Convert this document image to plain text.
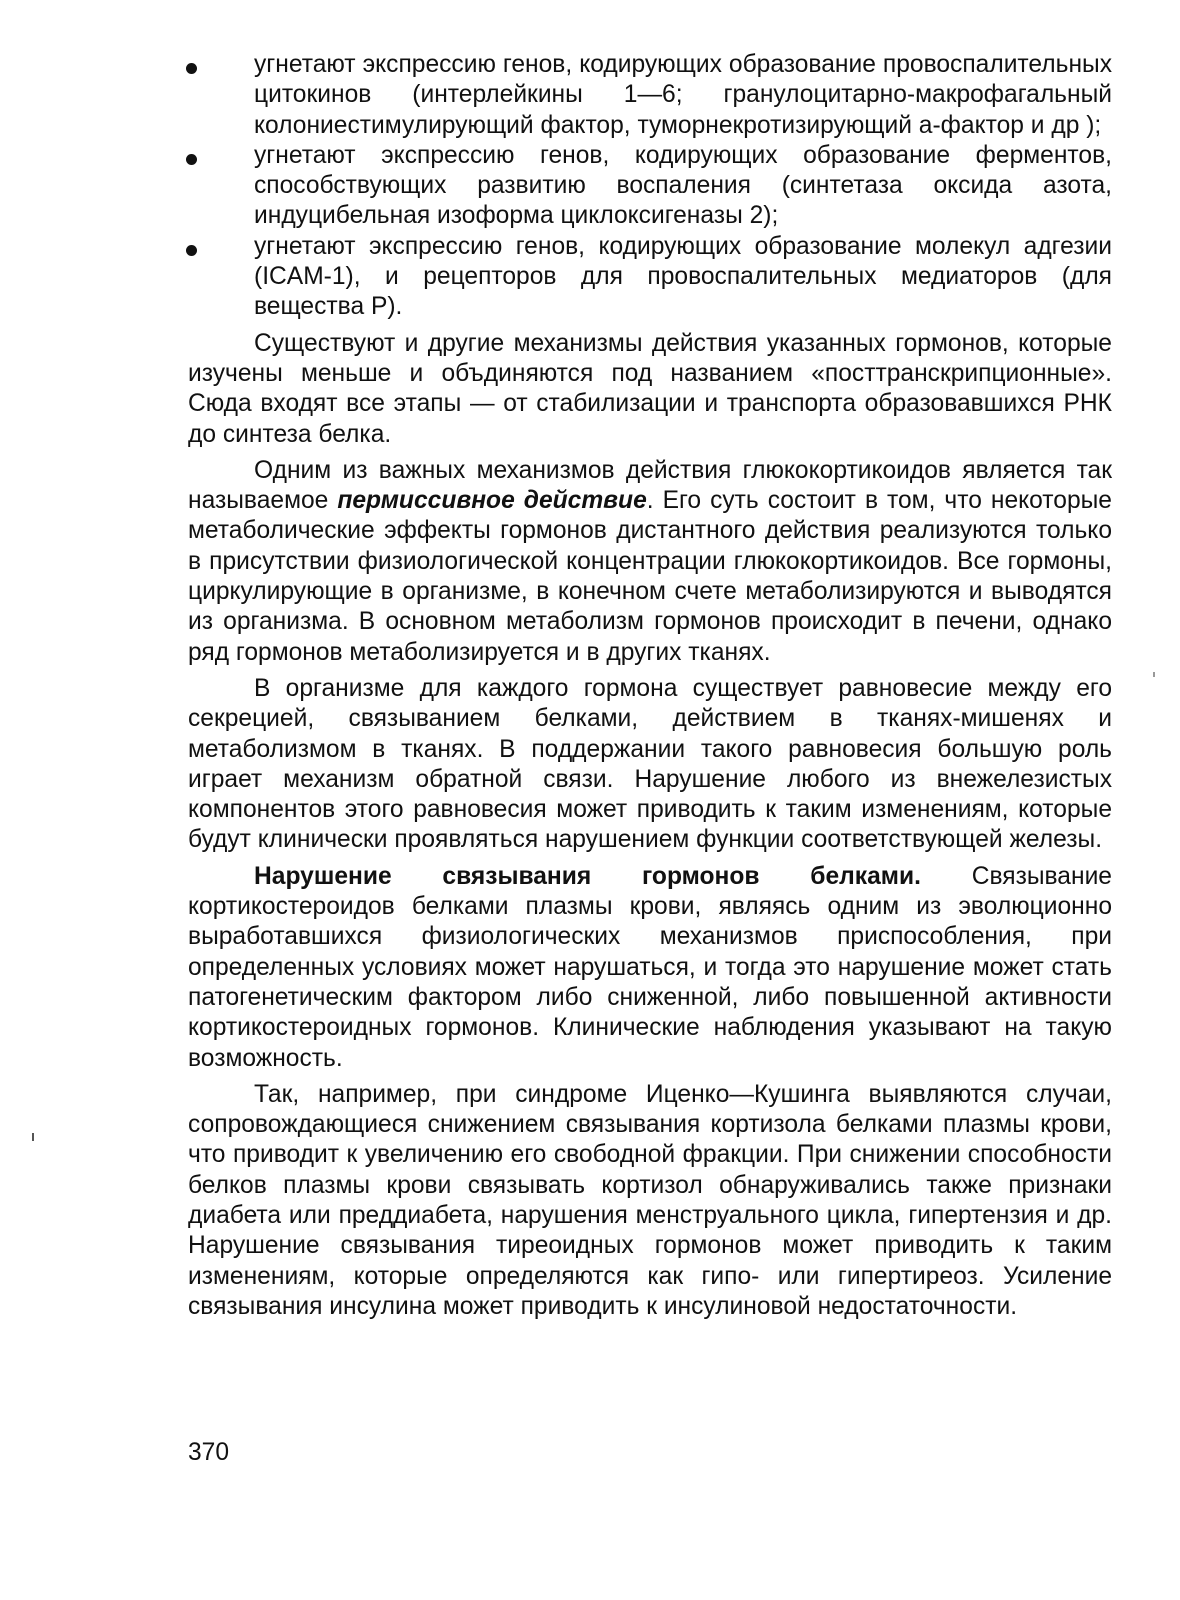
угнетают экспрессию генов, кодирующих образование провоспалительных цитокинов (интерлейкины 1—6; гранулоцитарно-макрофагальный колониестимулирующий фактор, туморнекротизирующий а-фактор и др );
угнетают экспрессию генов, кодирующих образование ферментов, способствующих развитию воспаления (синтетаза оксида азота, индуцибельная изоформа циклоксигеназы 2);
угнетают экспрессию генов, кодирующих образование молекул адгезии (ICAM-1), и рецепторов для провоспалительных медиаторов (для вещества Р).

Существуют и другие механизмы действия указанных гормонов, которые изучены меньше и объдиняются под названием «посттранскрипционные». Сюда входят все этапы — от стабилизации и транспорта образовавшихся РНК до синтеза белка.

Одним из важных механизмов действия глюкокортикоидов является так называемое пермиссивное действие. Его суть состоит в том, что некоторые метаболические эффекты гормонов дистантного действия реализуются только в присутствии физиологической концентрации глюкокортикоидов. Все гормоны, циркулирующие в организме, в конечном счете метаболизируются и выводятся из организма. В основном метаболизм гормонов происходит в печени, однако ряд гормонов метаболизируется и в других тканях.

В организме для каждого гормона существует равновесие между его секрецией, связыванием белками, действием в тканях-мишенях и метаболизмом в тканях. В поддержании такого равновесия большую роль играет механизм обратной связи. Нарушение любого из внежелезистых компонентов этого равновесия может приводить к таким изменениям, которые будут клинически проявляться нарушением функции соответствующей железы.

Нарушение связывания гормонов белками. Связывание кортикостероидов белками плазмы крови, являясь одним из эволюционно выработавшихся физиологических механизмов приспособления, при определенных условиях может нарушаться, и тогда это нарушение может стать патогенетическим фактором либо сниженной, либо повышенной активности кортикостероидных гормонов. Клинические наблюдения указывают на такую возможность.

Так, например, при синдроме Иценко—Кушинга выявляются случаи, сопровождающиеся снижением связывания кортизола белками плазмы крови, что приводит к увеличению его свободной фракции. При снижении способности белков плазмы крови связывать кортизол обнаруживались также признаки диабета или преддиабета, нарушения менструального цикла, гипертензия и др. Нарушение связывания тиреоидных гормонов может приводить к таким изменениям, которые определяются как гипо- или гипертиреоз. Усиление связывания инсулина может приводить к инсулиновой недостаточности.

370
